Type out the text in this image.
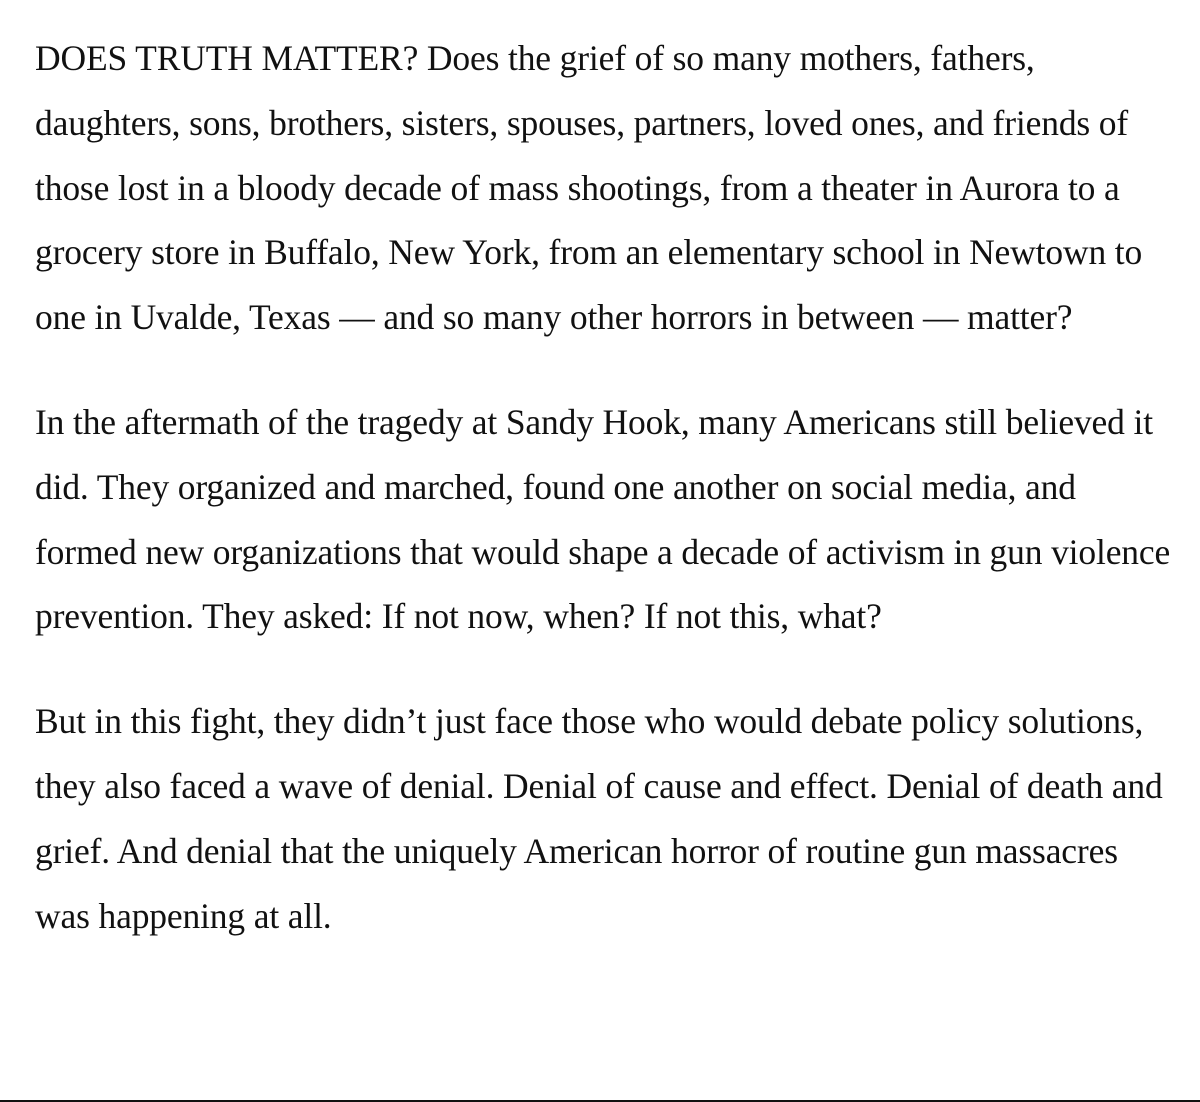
DOES TRUTH MATTER? Does the grief of so many mothers, fathers, daughters, sons, brothers, sisters, spouses, partners, loved ones, and friends of those lost in a bloody decade of mass shootings, from a theater in Aurora to a grocery store in Buffalo, New York, from an elementary school in Newtown to one in Uvalde, Texas — and so many other horrors in between — matter?

In the aftermath of the tragedy at Sandy Hook, many Americans still believed it did. They organized and marched, found one another on social media, and formed new organizations that would shape a decade of activism in gun violence prevention. They asked: If not now, when? If not this, what?

But in this fight, they didn’t just face those who would debate policy solutions, they also faced a wave of denial. Denial of cause and effect. Denial of death and grief. And denial that the uniquely American horror of routine gun massacres was happening at all.
